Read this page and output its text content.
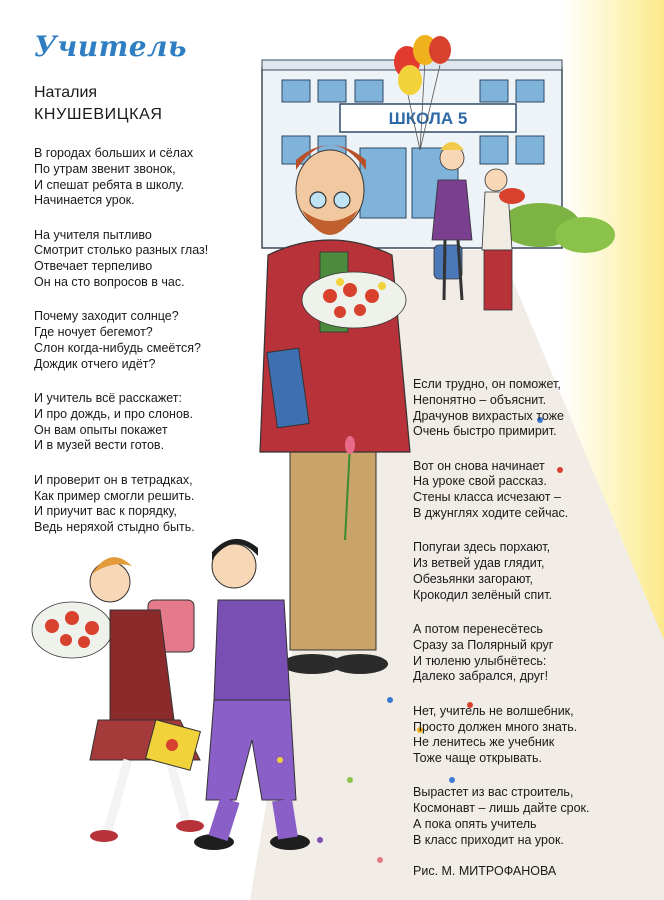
ШКОЛА 5
Учитель
Наталия
КНУШЕВИЦКАЯ
В городах больших и сёлах
По утрам звенит звонок,
И спешат ребята в школу.
Начинается урок.
На учителя пытливо
Смотрит столько разных глаз!
Отвечает терпеливо
Он на сто вопросов в час.
Почему заходит солнце?
Где ночует бегемот?
Слон когда-нибудь смеётся?
Дождик отчего идёт?
И учитель всё расскажет:
И про дождь, и про слонов.
Он вам опыты покажет
И в музей вести готов.
И проверит он в тетрадках,
Как пример смогли решить.
И приучит вас к порядку,
Ведь неряхой стыдно быть.
Если трудно, он поможет,
Непонятно – объяснит.
Драчунов вихрастых тоже
Очень быстро примирит.
Вот он снова начинает
На уроке свой рассказ.
Стены класса исчезают –
В джунглях ходите сейчас.
Попугаи здесь порхают,
Из ветвей удав глядит,
Обезьянки загорают,
Крокодил зелёный спит.
А потом перенесётесь
Сразу за Полярный круг
И тюленю улыбнётесь:
Далеко забрался, друг!
Нет, учитель не волшебник,
Просто должен много знать.
Не ленитесь же учебник
Тоже чаще открывать.
Вырастет из вас строитель,
Космонавт – лишь дайте срок.
А пока опять учитель
В класс приходит на урок.
Рис. М. МИТРОФАНОВА
